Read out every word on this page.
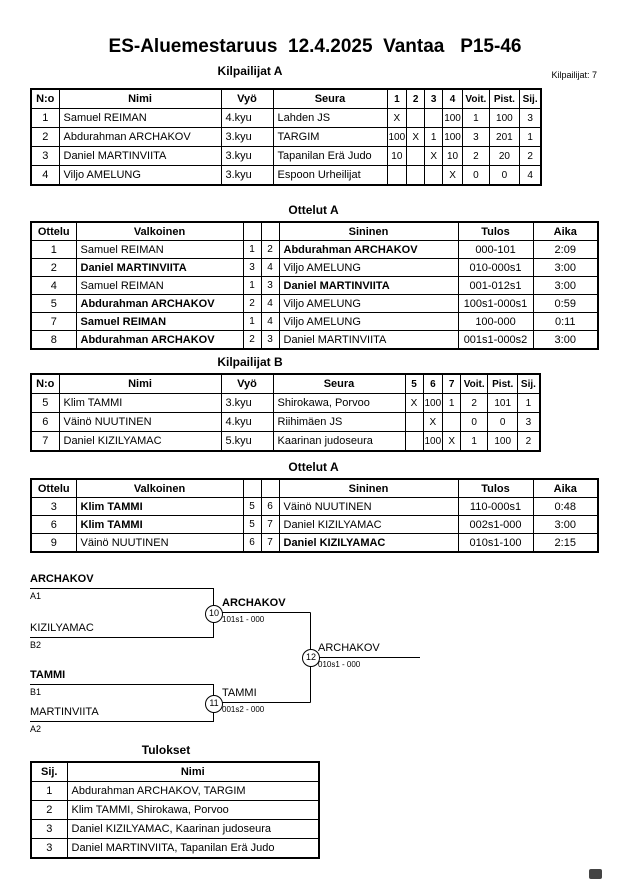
ES-Aluemestaruus  12.4.2025  Vantaa   P15-46
Kilpailijat: 7
Kilpailijat A
N:o	Nimi	Vyö	Seura	1	2	3	4	Voit.	Pist.	Sij.
1	Samuel REIMAN	4.kyu	Lahden JS	X			100	1	100	3
2	Abdurahman ARCHAKOV	3.kyu	TARGIM	100	X	1	100	3	201	1
3	Daniel MARTINVIITA	3.kyu	Tapanilan Erä Judo	10		X	10	2	20	2
4	Viljo AMELUNG	3.kyu	Espoon Urheilijat				X	0	0	4
Ottelut A
Ottelu	Valkoinen			Sininen	Tulos	Aika
1	Samuel REIMAN	1	2	Abdurahman ARCHAKOV	000-101	2:09
2	Daniel MARTINVIITA	3	4	Viljo AMELUNG	010-000s1	3:00
4	Samuel REIMAN	1	3	Daniel MARTINVIITA	001-012s1	3:00
5	Abdurahman ARCHAKOV	2	4	Viljo AMELUNG	100s1-000s1	0:59
7	Samuel REIMAN	1	4	Viljo AMELUNG	100-000	0:11
8	Abdurahman ARCHAKOV	2	3	Daniel MARTINVIITA	001s1-000s2	3:00
Kilpailijat B
N:o	Nimi	Vyö	Seura	5	6	7	Voit.	Pist.	Sij.
5	Klim TAMMI	3.kyu	Shirokawa, Porvoo	X	100	1	2	101	1
6	Väinö NUUTINEN	4.kyu	Riihimäen JS		X		0	0	3
7	Daniel KIZILYAMAC	5.kyu	Kaarinan judoseura		100	X	1	100	2
Ottelut A
Ottelu	Valkoinen			Sininen	Tulos	Aika
3	Klim TAMMI	5	6	Väinö NUUTINEN	110-000s1	0:48
6	Klim TAMMI	5	7	Daniel KIZILYAMAC	002s1-000	3:00
9	Väinö NUUTINEN	6	7	Daniel KIZILYAMAC	010s1-100	2:15
ARCHAKOV
A1
KIZILYAMAC
B2
TAMMI
B1
MARTINVIITA
A2
10
ARCHAKOV
101s1 - 000
11
TAMMI
001s2 - 000
12
ARCHAKOV
010s1 - 000
Tulokset
Sij.	Nimi
1	Abdurahman ARCHAKOV, TARGIM
2	Klim TAMMI, Shirokawa, Porvoo
3	Daniel KIZILYAMAC, Kaarinan judoseura
3	Daniel MARTINVIITA, Tapanilan Erä Judo
